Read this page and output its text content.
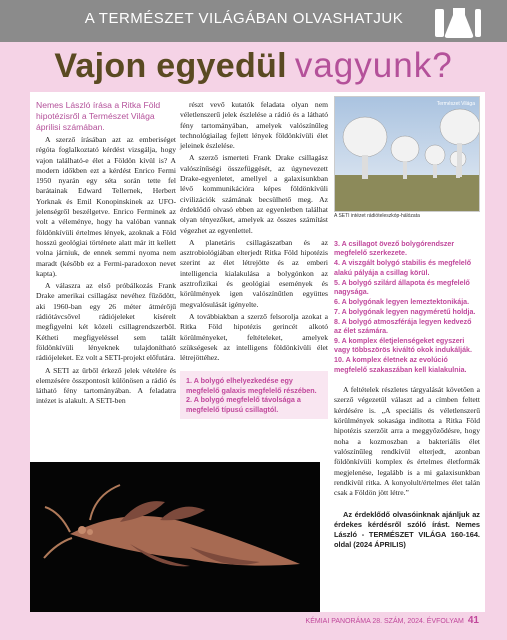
A TERMÉSZET VILÁGÁBAN OLVASHATJUK
Vajon egyedül vagyunk?

Nemes László írása a Ritka Föld hipotézisről a Természet Világa áprilisi számában.

A szerző írásában azt az emberiséget régóta foglalkoztató kérdést vizsgálja, hogy vajon található-e élet a Földön kívül is? A modern időkben ezt a kérdést Enrico Fermi 1950 nyarán egy séta során tette fel barátainak Edward Tellernek, Herbert Yorknak és Emil Konopinskinek az UFO-jelenségről beszélgetve. Enrico Ferminek az volt a véleménye, hogy ha valóban vannak földönkívüli értelmes lények, azoknak a Föld hosszú geológiai története alatt már itt kellett volna járniuk, de ennek semmi nyoma nem maradt (később ez a Fermi-paradoxon nevet kapta).

A válaszra az első próbálkozás Frank Drake amerikai csillagász nevéhez fűződött, aki 1960-ban egy 26 méter átmérőjű rádiótávcsővel rádiójeleket kísérelt megfigyelni két közeli csillagrendszerből. Kétheti megfigyeléssel sem talált földönkívüli lényeknek tulajdonítható rádiójeleket. Ez volt a SETI-projekt előfutára.

A SETI az űrből érkező jelek vételére és elemzésére összpontosít különösen a rádió és látható fény tartományában. A feladatra intézet is alakult. A SETI-ben

részt vevő kutatók feladata olyan nem véletlenszerű jelek észlelése a rádió és a látható fény tartományában, amelyek valószínűleg technológiailag fejlett lények földönkívüli élet jeleinek észlelése.

A szerző ismerteti Frank Drake csillagász valószínűségi összefüggését, az úgynevezett Drake-egyenletet, amellyel a galaxisunkban lévő kommunikációra képes földönkívüli civilizációk számának becsülhető meg. Az érdeklődő olvasó ebben az egyenletben találhat olyan tényezőket, amelyek az összes számítást végezhet az egyenlettel.

A planetáris csillagászatban és az asztrobiológiában elterjedt Ritka Föld hipotézis szerint az élet létrejötte és az emberi intelligencia kialakulása a bolygónkon az asztrofizikai és geológiai események és körülmények igen valószínűtlen együttes megvalósulását igényelte.

A továbbiakban a szerző felsorolja azokat a Ritka Föld hipotézis gerincét alkotó körülményeket, feltételeket, amelyek szükségesek az intelligens földönkívüli élet létrejöttéhez.

1. A bolygó elhelyezkedése egy megfelelő galaxis megfelelő részében.
2. A bolygó megfelelő távolsága a megfelelő típusú csillagtól.
Természet Világa
A SETI intézet rádióteleszkóp-hálózata
3. A csillagot övező bolygórendszer megfelelő szerkezete.
4. A viszgált bolygó stabilis és megfelelő alakú pályája a csillag körül.
5. A bolygó szilárd állapota és megfelelő nagysága.
6. A bolygónak legyen lemeztektonikája.
7. A bolygónak legyen nagyméretű holdja.
8. A bolygó atmoszférája legyen kedvező az élet számára.
9. A komplex életjelenségeket egyszeri vagy többszörös kiváltó okok indukálják.
10. A komplex életnek az evolúció megfelelő szakaszában kell kialakulnia.

A feltételek részletes tárgyalását követően a szerző végezetül választ ad a címben feltett kérdésére is. „A speciális és véletlenszerű körülmények sokasága indította a Ritka Föld hipotézis szerzőit arra a meggyőződésre, hogy noha a kozmoszban a bakteriális élet valószínűleg rendkívül elterjedt, azonban földönkívüli komplex és értelmes életformák megjelenése, legalább is a mi galaxisunkban rendkívül ritka. A konyolult/értelmes élet talán csak a Földön jött létre.”

Az érdeklődő olvasóinknak ajánljuk az érdekes kérdésről szóló írást. Nemes László - TERMÉSZET VILÁGA 160-164. oldal (2024 ÁPRILIS)

KÉMIAI PANORÁMA 28. SZÁM, 2024. ÉVFOLYAM 41
